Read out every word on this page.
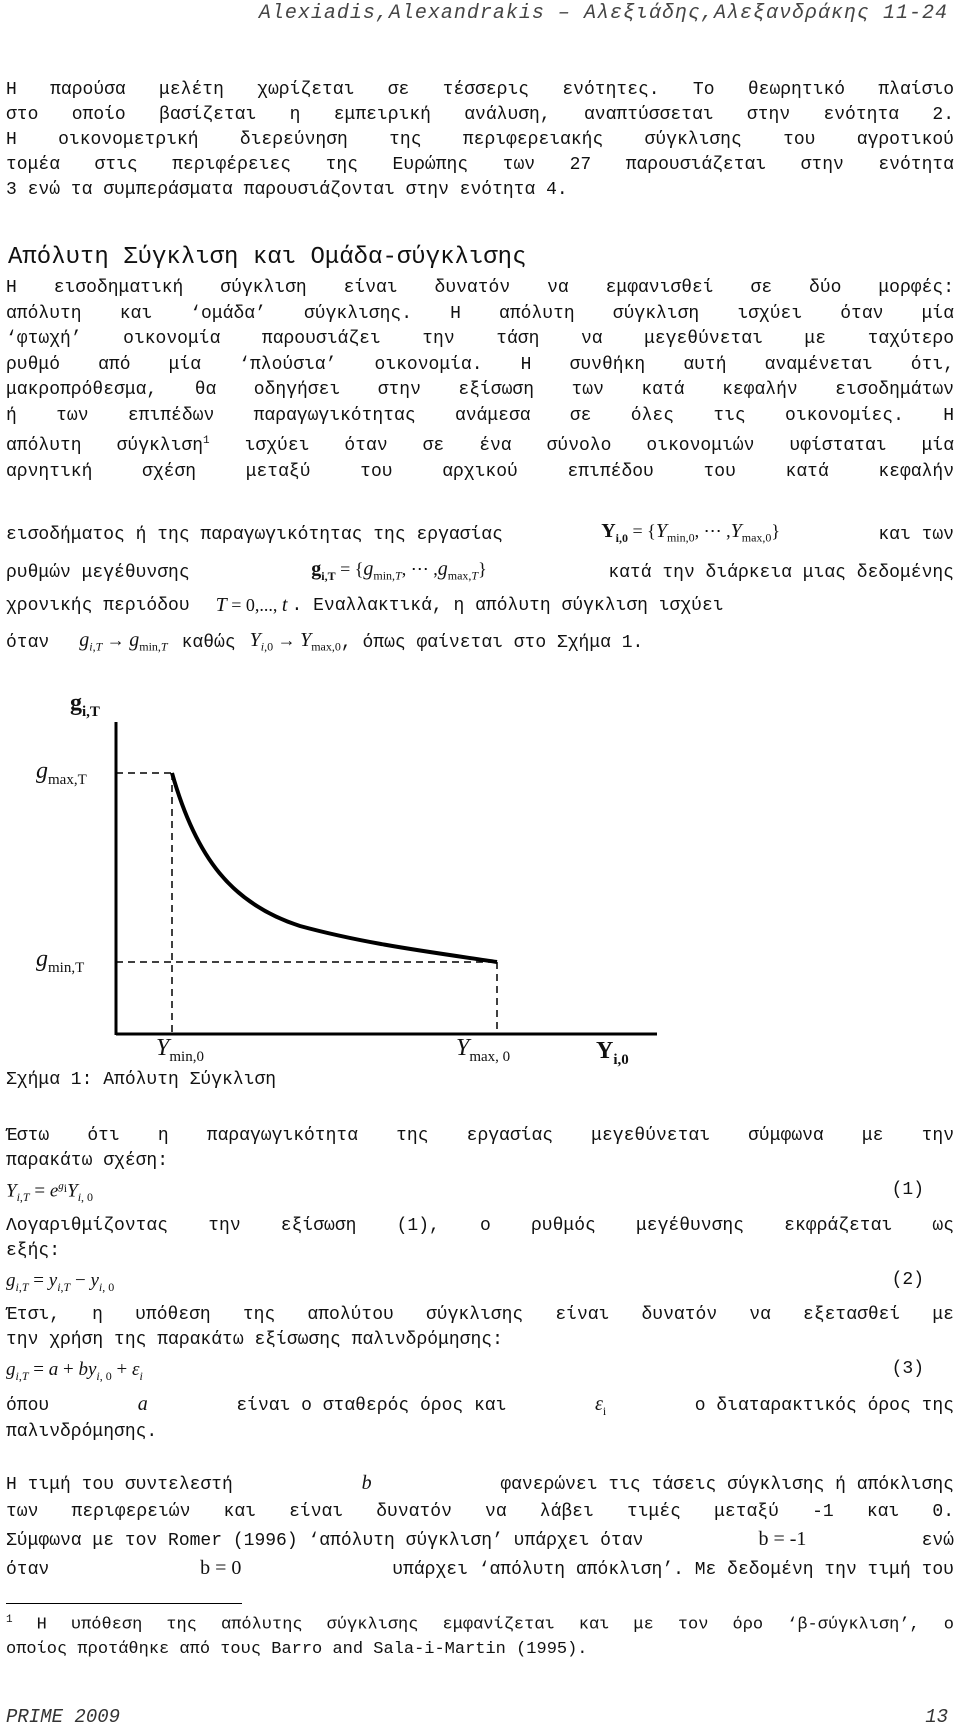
Alexiadis,Alexandrakis – Αλεξιάδης,Αλεξανδράκης 11-24
Η παρούσα μελέτη χωρίζεται σε τέσσερις ενότητες. Το θεωρητικό πλαίσιο
στο οποίο βασίζεται η εμπειρική ανάλυση, αναπτύσσεται στην ενότητα 2.
Η οικονομετρική διερεύνηση της περιφερειακής σύγκλισης του αγροτικού
τομέα στις περιφέρειες της Ευρώπης των 27 παρουσιάζεται στην ενότητα
3 ενώ τα συμπεράσματα παρουσιάζονται στην ενότητα 4.
Απόλυτη Σύγκλιση και Ομάδα-σύγκλισης
Η εισοδηματική σύγκλιση είναι δυνατόν να εμφανισθεί σε δύο μορφές:
απόλυτη και ‘ομάδα’ σύγκλισης. Η απόλυτη σύγκλιση ισχύει όταν μία
‘φτωχή’ οικονομία παρουσιάζει την τάση να μεγεθύνεται με ταχύτερο
ρυθμό από μία ‘πλούσια’ οικονομία. Η συνθήκη αυτή αναμένεται ότι,
μακροπρόθεσμα, θα οδηγήσει στην εξίσωση των κατά κεφαλήν εισοδημάτων
ή των επιπέδων παραγωγικότητας ανάμεσα σε όλες τις οικονομίες. Η
απόλυτη σύγκλιση$^1$ ισχύει όταν σε ένα σύνολο οικονομιών υφίσταται μία
αρνητική σχέση μεταξύ του αρχικού επιπέδου του κατά κεφαλήν
εισοδήματος ή της παραγωγικότητας της εργασίας	$Y_{i,0} = \{Y_{min,0}$, ⋯ $,Y_{max,0}$}	και των
ρυθμών μεγέθυνσης	$g_{i,T} = \{g_{min,T}$, ⋯ $,g_{max,T}$}	κατά την διάρκεια μιας δεδομένης
χρονικής περιόδου T = 0,..., t . Εναλλακτικά, η απόλυτη σύγκλιση ισχύει
όταν $g_{i,T} \to g_{min,T}$ καθώς $Y_{i,0} \to Y_{max,0}$ , όπως φαίνεται στο Σχήμα 1.
$g_{i,T}$
$g_{max,T}$
$g_{min,T}$
$Y_{min,0}$	$Y_{max, 0}$	$Y_{i,0}$
Σχήμα 1: Απόλυτη Σύγκλιση
Έστω ότι η παραγωγικότητα της εργασίας μεγεθύνεται σύμφωνα με την
παρακάτω σχέση:
$Y_{i,T} = e^{g_i}Y_{i, 0}$	(1)
Λογαριθμίζοντας την εξίσωση (1), ο ρυθμός μεγέθυνσης εκφράζεται ως
εξής:
$g_{i,T} = y_{i,T} - y_{i, 0}$	(2)
Έτσι, η υπόθεση της απολύτου σύγκλισης είναι δυνατόν να εξετασθεί με
την χρήση της παρακάτω εξίσωσης παλινδρόμησης:
$g_{i,T} = a + by_{i, 0} + \varepsilon_i$	(3)
όπου	a	είναι ο σταθερός όρος και	$\varepsilon_i$	ο διαταρακτικός όρος της
παλινδρόμησης.
Η τιμή του συντελεστή	b	φανερώνει τις τάσεις σύγκλισης ή απόκλισης
των περιφερειών και είναι δυνατόν να λάβει τιμές μεταξύ -1 και 0.
Σύμφωνα με τον Romer (1996) ‘απόλυτη σύγκλιση’ υπάρχει όταν	b = -1	ενώ
όταν	b = 0	υπάρχει ‘απόλυτη απόκλιση’. Με δεδομένη την τιμή του
$^1$ Η υπόθεση της απόλυτης σύγκλισης εμφανίζεται και με τον όρο ‘β-σύγκλιση’, ο
οποίος προτάθηκε από τους Barro and Sala-i-Martin (1995).
PRIME 2009	13
